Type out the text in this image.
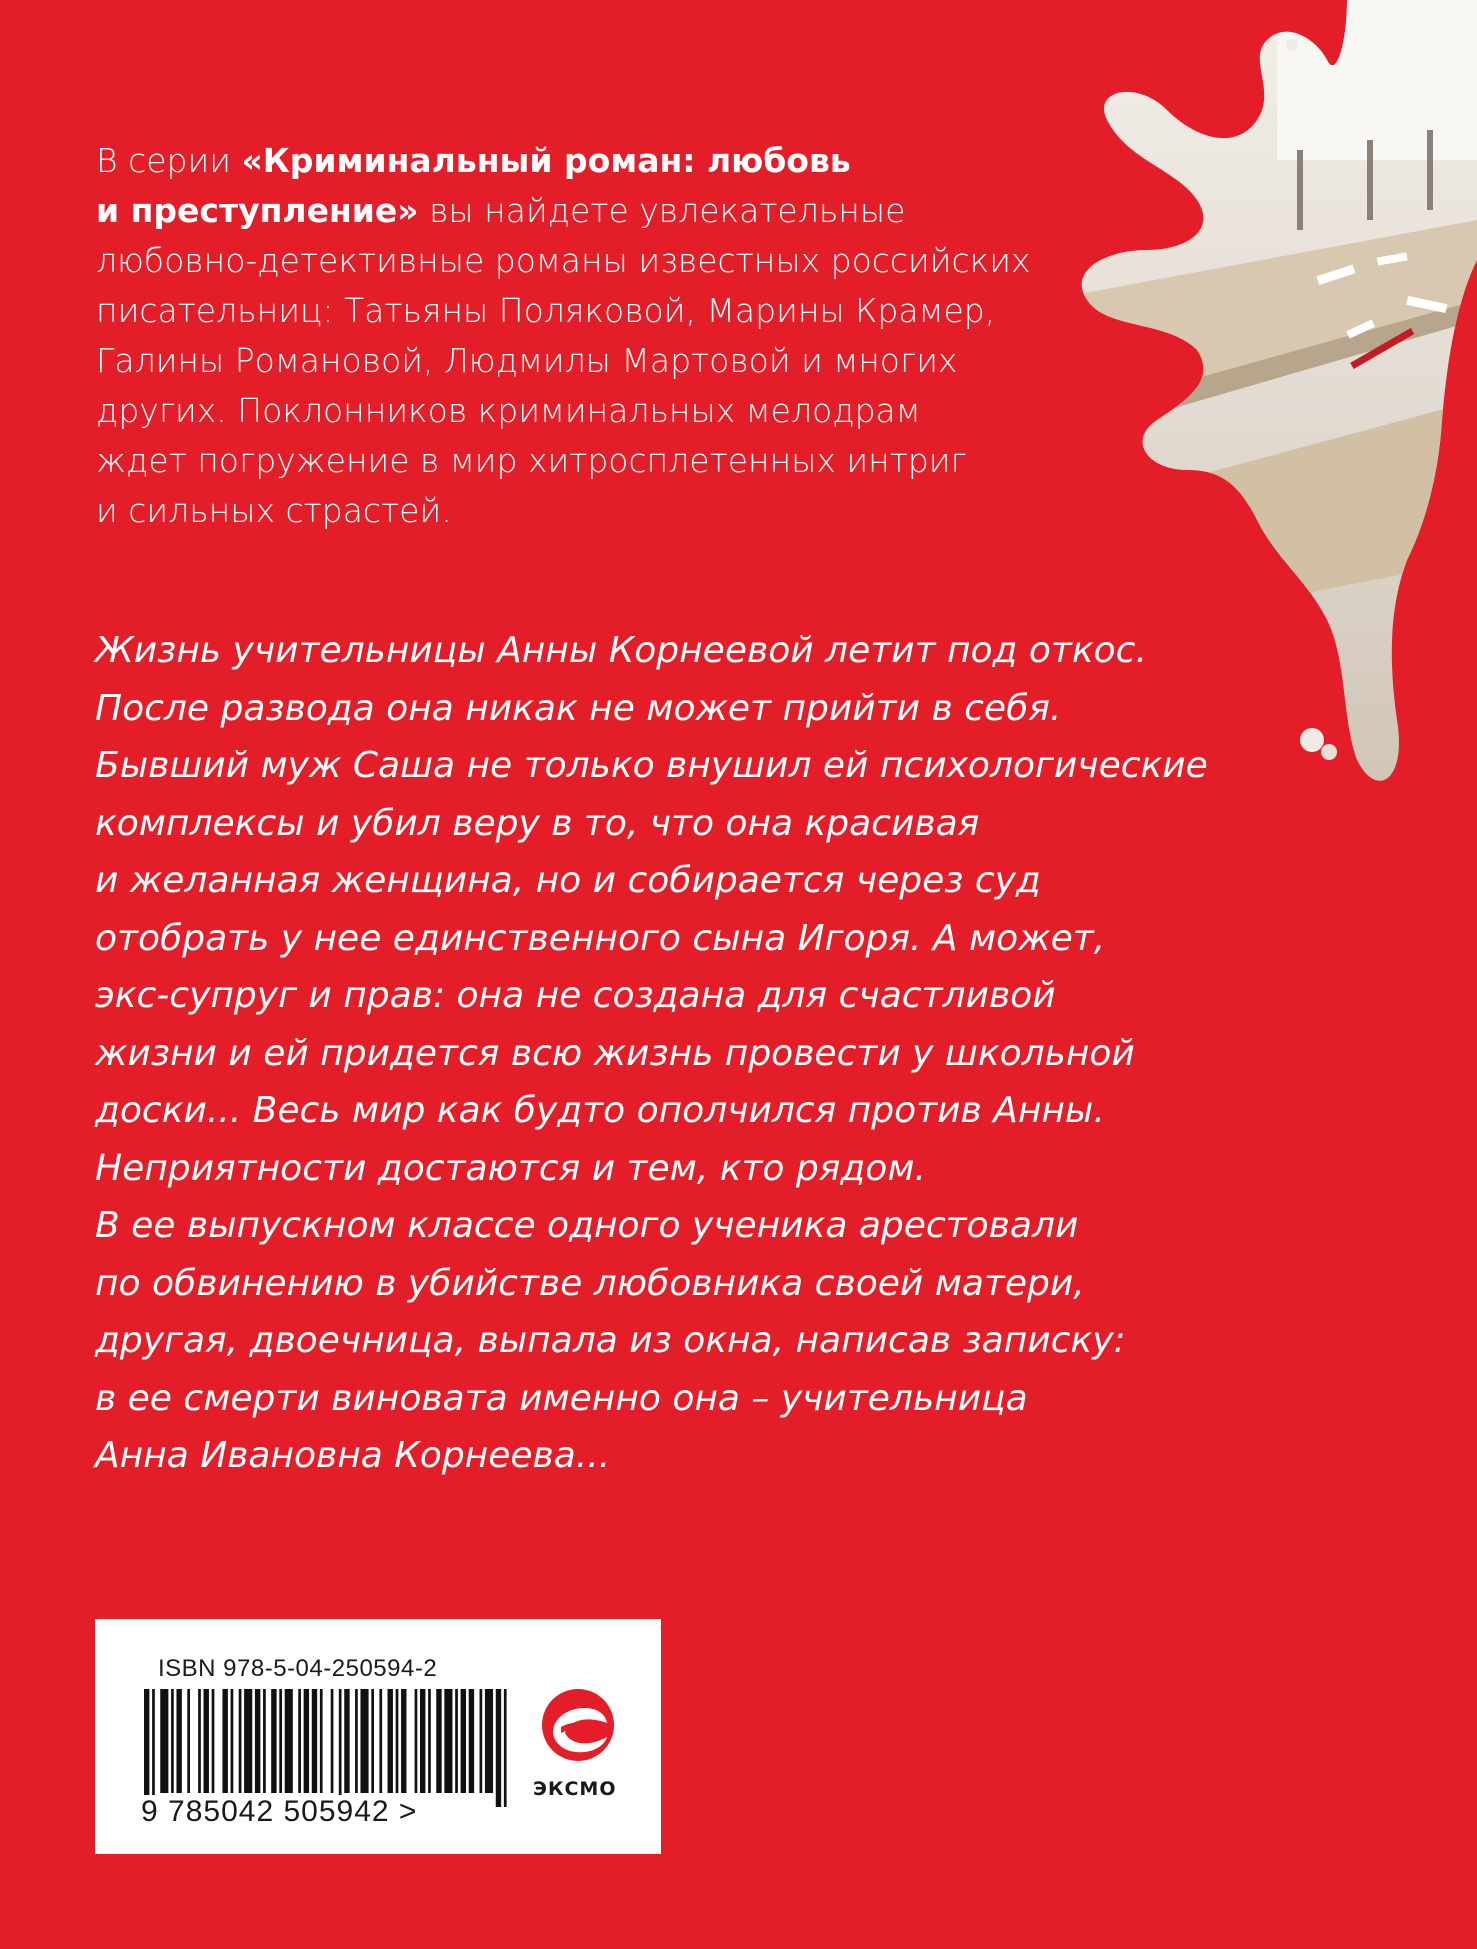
В серии «Криминальный роман: любовь
и преступление» вы найдете увлекательные
любовно-детективные романы известных российских
писательниц: Татьяны Поляковой, Марины Крамер,
Галины Романовой, Людмилы Мартовой и многих
других. Поклонников криминальных мелодрам
ждет погружение в мир хитросплетенных интриг
и сильных страстей.
Жизнь учительницы Анны Корнеевой летит под откос.
После развода она никак не может прийти в себя.
Бывший муж Саша не только внушил ей психологические
комплексы и убил веру в то, что она красивая
и желанная женщина, но и собирается через суд
отобрать у нее единственного сына Игоря. А может,
экс-супруг и прав: она не создана для счастливой
жизни и ей придется всю жизнь провести у школьной
доски... Весь мир как будто ополчился против Анны.
Неприятности достаются и тем, кто рядом.
В ее выпускном классе одного ученика арестовали
по обвинению в убийстве любовника своей матери,
другая, двоечница, выпала из окна, написав записку:
в ее смерти виновата именно она – учительница
Анна Ивановна Корнеева...
ISBN 978-5-04-250594-2
9 785042 505942 >
ЭКСМО
